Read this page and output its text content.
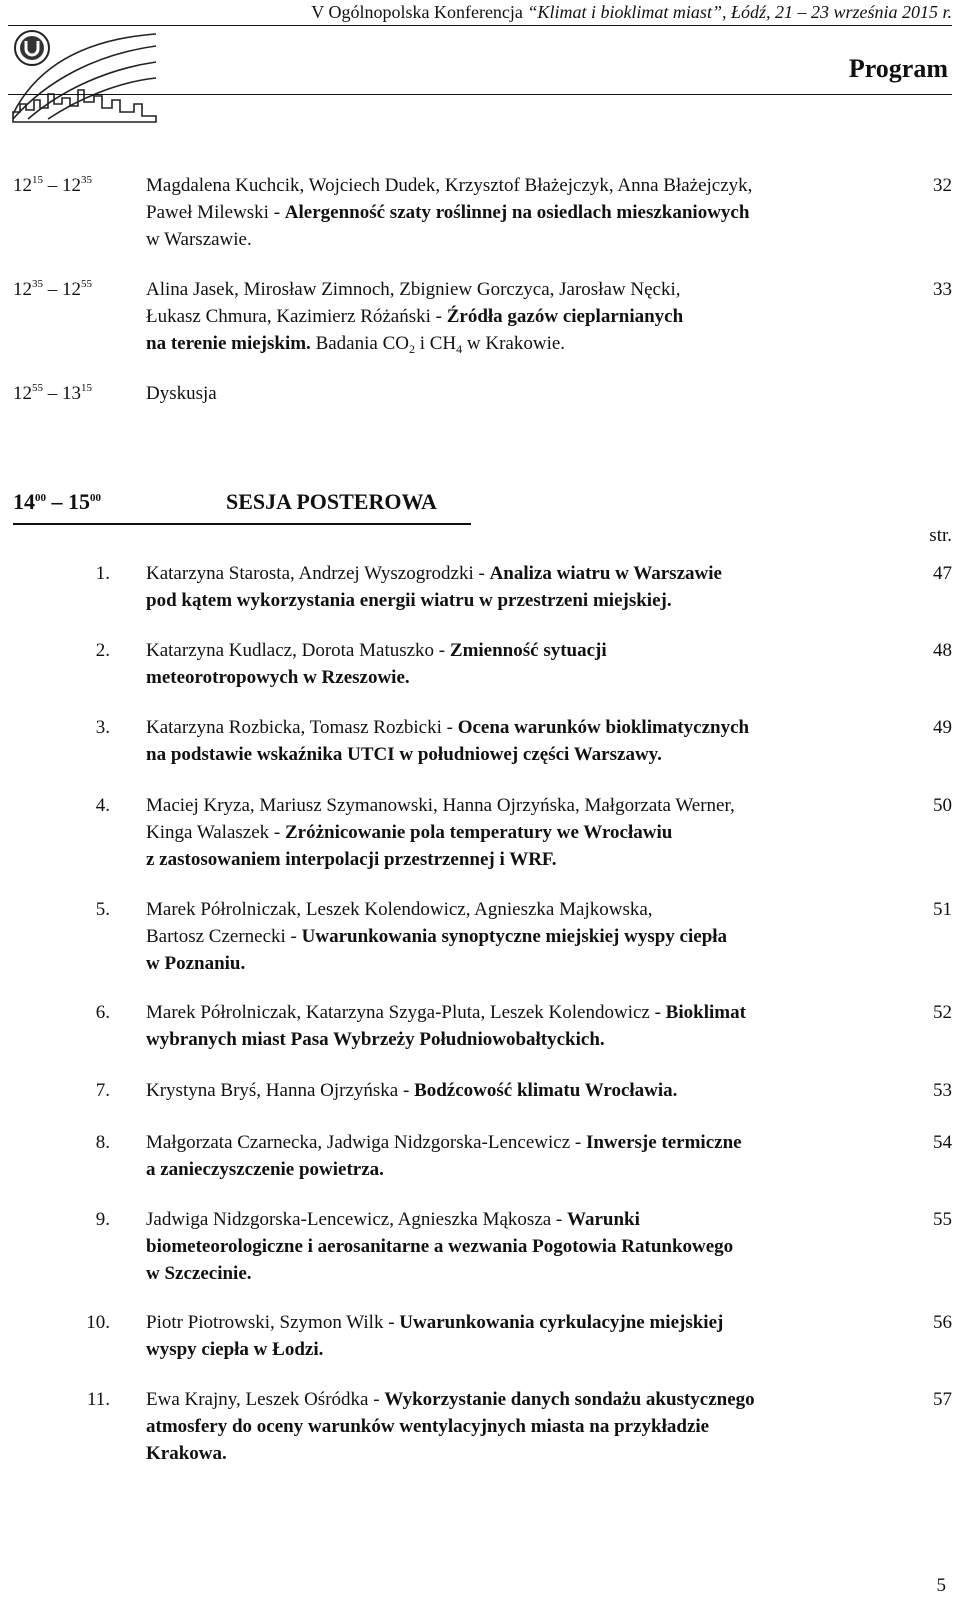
V Ogólnopolska Konferencja “Klimat i bioklimat miast”, Łódź, 21 – 23 września 2015 r.
Program
$12^{15} - 12^{35}$	Magdalena Kuchcik, Wojciech Dudek, Krzysztof Błażejczyk, Anna Błażejczyk,
Paweł Milewski - Alergenność szaty roślinnej na osiedlach mieszkaniowych
w Warszawie.
32
$12^{35} - 12^{55}$	Alina Jasek, Mirosław Zimnoch, Zbigniew Gorczyca, Jarosław Nęcki,
Łukasz Chmura, Kazimierz Różański - Źródła gazów cieplarnianych
na terenie miejskim. Badania $CO_2$ i $CH_4$ w Krakowie.
33
$12^{55} - 13^{15}$	Dyskusja
$14^{00} - 15^{00}$	SESJA POSTEROWA
str.
1. Katarzyna Starosta, Andrzej Wyszogrodzki - Analiza wiatru w Warszawie
pod kątem wykorzystania energii wiatru w przestrzeni miejskiej.
47
2. Katarzyna Kudlacz, Dorota Matuszko - Zmienność sytuacji
meteorotropowych w Rzeszowie.
48
3. Katarzyna Rozbicka, Tomasz Rozbicki - Ocena warunków bioklimatycznych
na podstawie wskaźnika UTCI w południowej części Warszawy.
49
4. Maciej Kryza, Mariusz Szymanowski, Hanna Ojrzyńska, Małgorzata Werner,
Kinga Walaszek - Zróżnicowanie pola temperatury we Wrocławiu
z zastosowaniem interpolacji przestrzennej i WRF.
50
5. Marek Półrolniczak, Leszek Kolendowicz, Agnieszka Majkowska,
Bartosz Czernecki - Uwarunkowania synoptyczne miejskiej wyspy ciepła
w Poznaniu.
51
6. Marek Półrolniczak, Katarzyna Szyga-Pluta, Leszek Kolendowicz - Bioklimat
wybranych miast Pasa Wybrzeży Południowobałtyckich.
52
7. Krystyna Bryś, Hanna Ojrzyńska - Bodźcowość klimatu Wrocławia.	53
8. Małgorzata Czarnecka, Jadwiga Nidzgorska-Lencewicz - Inwersje termiczne
a zanieczyszczenie powietrza.
54
9. Jadwiga Nidzgorska-Lencewicz, Agnieszka Mąkosza - Warunki
biometeorologiczne i aerosanitarne a wezwania Pogotowia Ratunkowego
w Szczecinie.
55
10. Piotr Piotrowski, Szymon Wilk - Uwarunkowania cyrkulacyjne miejskiej
wyspy ciepła w Łodzi.
56
11. Ewa Krajny, Leszek Ośródka - Wykorzystanie danych sondażu akustycznego
atmosfery do oceny warunków wentylacyjnych miasta na przykładzie
Krakowa.
57
5
